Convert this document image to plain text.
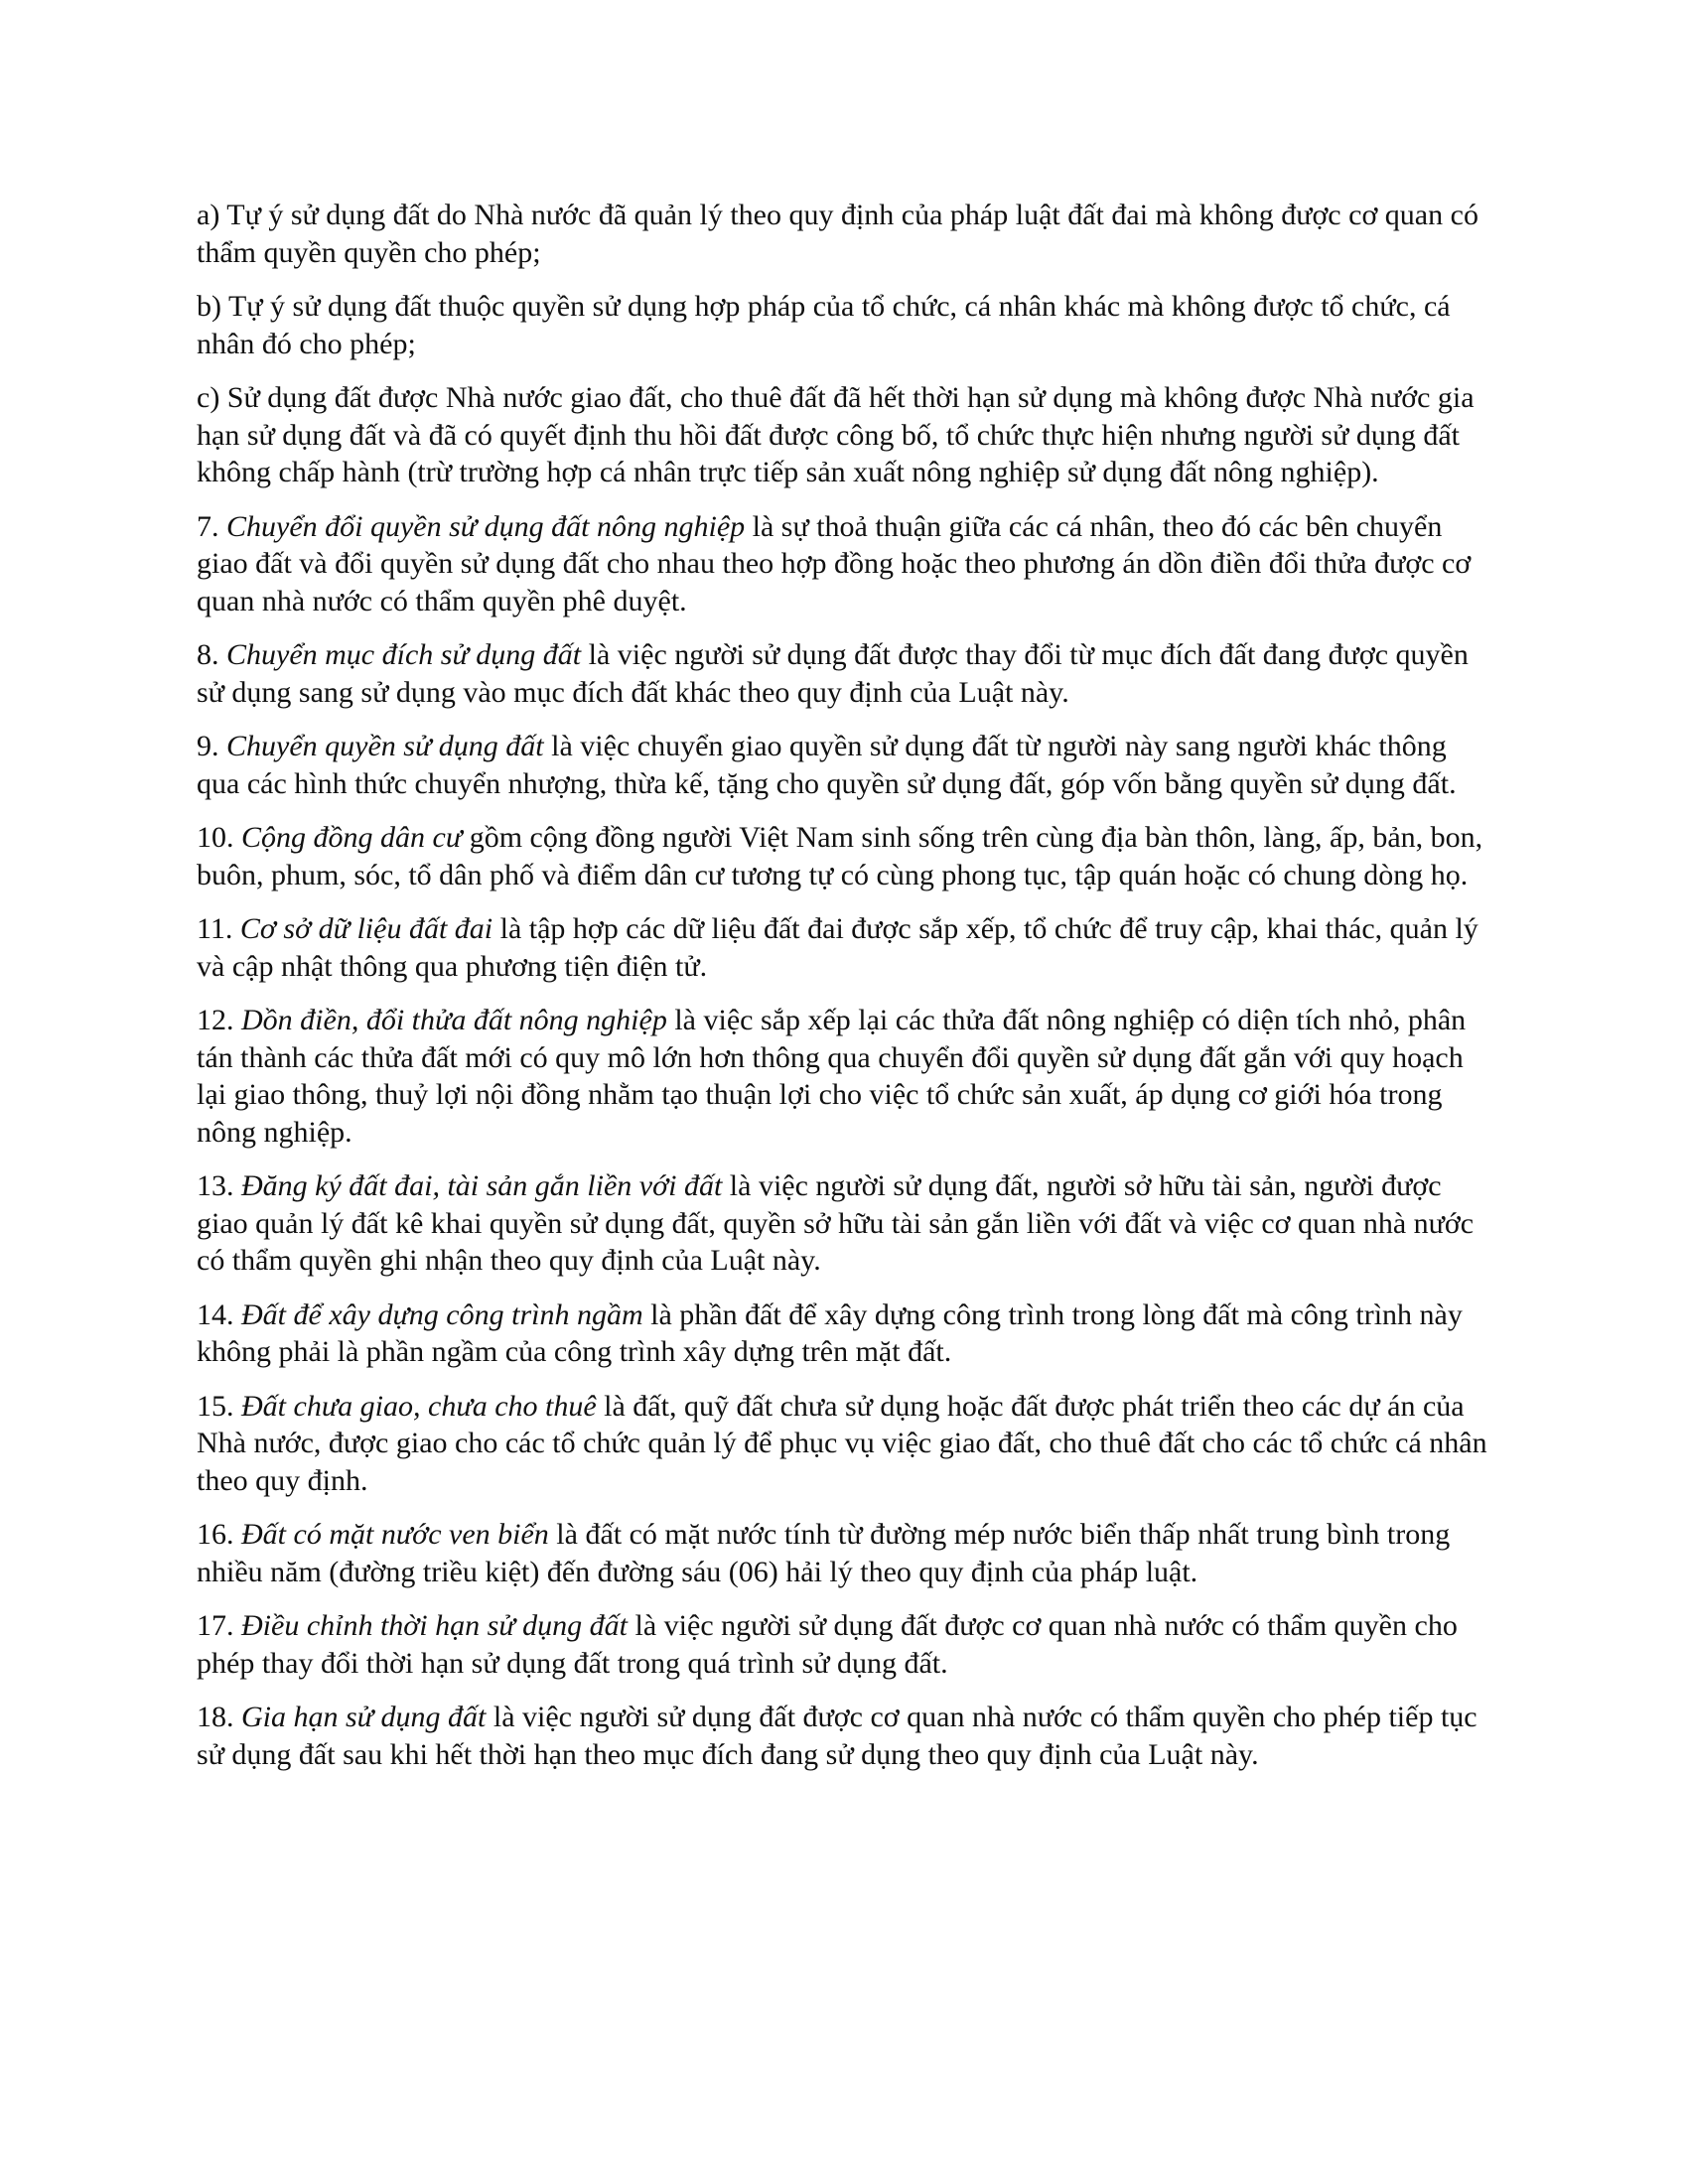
a) Tự ý sử dụng đất do Nhà nước đã quản lý theo quy định của pháp luật đất đai mà không được cơ quan có thẩm quyền quyền cho phép;

b) Tự ý sử dụng đất thuộc quyền sử dụng hợp pháp của tổ chức, cá nhân khác mà không được tổ chức, cá nhân đó cho phép;

c) Sử dụng đất được Nhà nước giao đất, cho thuê đất đã hết thời hạn sử dụng mà không được Nhà nước gia hạn sử dụng đất và đã có quyết định thu hồi đất được công bố, tổ chức thực hiện nhưng người sử dụng đất không chấp hành (trừ trường hợp cá nhân trực tiếp sản xuất nông nghiệp sử dụng đất nông nghiệp).

7. Chuyển đổi quyền sử dụng đất nông nghiệp là sự thoả thuận giữa các cá nhân, theo đó các bên chuyển giao đất và đổi quyền sử dụng đất cho nhau theo hợp đồng hoặc theo phương án dồn điền đổi thửa được cơ quan nhà nước có thẩm quyền phê duyệt.

8. Chuyển mục đích sử dụng đất là việc người sử dụng đất được thay đổi từ mục đích đất đang được quyền sử dụng sang sử dụng vào mục đích đất khác theo quy định của Luật này.

9. Chuyển quyền sử dụng đất là việc chuyển giao quyền sử dụng đất từ người này sang người khác thông qua các hình thức chuyển nhượng, thừa kế, tặng cho quyền sử dụng đất, góp vốn bằng quyền sử dụng đất.

10. Cộng đồng dân cư gồm cộng đồng người Việt Nam sinh sống trên cùng địa bàn thôn, làng, ấp, bản, bon, buôn, phum, sóc, tổ dân phố và điểm dân cư tương tự có cùng phong tục, tập quán hoặc có chung dòng họ.

11. Cơ sở dữ liệu đất đai là tập hợp các dữ liệu đất đai được sắp xếp, tổ chức để truy cập, khai thác, quản lý và cập nhật thông qua phương tiện điện tử.

12. Dồn điền, đổi thửa đất nông nghiệp là việc sắp xếp lại các thửa đất nông nghiệp có diện tích nhỏ, phân tán thành các thửa đất mới có quy mô lớn hơn thông qua chuyển đổi quyền sử dụng đất gắn với quy hoạch lại giao thông, thuỷ lợi nội đồng nhằm tạo thuận lợi cho việc tổ chức sản xuất, áp dụng cơ giới hóa trong nông nghiệp.

13. Đăng ký đất đai, tài sản gắn liền với đất là việc người sử dụng đất, người sở hữu tài sản, người được giao quản lý đất kê khai quyền sử dụng đất, quyền sở hữu tài sản gắn liền với đất và việc cơ quan nhà nước có thẩm quyền ghi nhận theo quy định của Luật này.

14. Đất để xây dựng công trình ngầm là phần đất để xây dựng công trình trong lòng đất mà công trình này không phải là phần ngầm của công trình xây dựng trên mặt đất.

15. Đất chưa giao, chưa cho thuê là đất, quỹ đất chưa sử dụng hoặc đất được phát triển theo các dự án của Nhà nước, được giao cho các tổ chức quản lý để phục vụ việc giao đất, cho thuê đất cho các tổ chức cá nhân theo quy định.

16. Đất có mặt nước ven biển là đất có mặt nước tính từ đường mép nước biển thấp nhất trung bình trong nhiều năm (đường triều kiệt) đến đường sáu (06) hải lý theo quy định của pháp luật.

17. Điều chỉnh thời hạn sử dụng đất là việc người sử dụng đất được cơ quan nhà nước có thẩm quyền cho phép thay đổi thời hạn sử dụng đất trong quá trình sử dụng đất.

18. Gia hạn sử dụng đất là việc người sử dụng đất được cơ quan nhà nước có thẩm quyền cho phép tiếp tục sử dụng đất sau khi hết thời hạn theo mục đích đang sử dụng theo quy định của Luật này.
